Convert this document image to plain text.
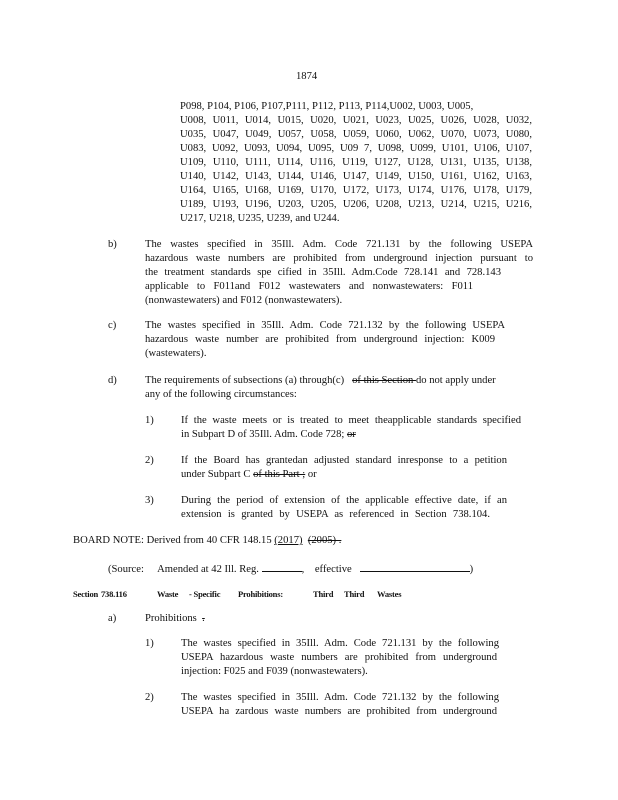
1874
P098, P104, P106, P107,P111, P112, P113, P114,U002, U003, U005,
U008, U011, U014, U015, U020, U021, U023, U025, U026, U028, U032,
U035, U047, U049, U057, U058, U059, U060, U062, U070, U073, U080,
U083, U092, U093, U094, U095, U09 7, U098, U099, U101, U106, U107,
U109, U110, U111, U114, U116, U119, U127, U128, U131, U135, U138,
U140, U142, U143, U144, U146, U147, U149, U150, U161, U162, U163,
U164, U165, U168, U169, U170, U172, U173, U174, U176, U178, U179,
U189, U193, U196, U203, U205, U206, U208, U213, U214, U215, U216,
U217, U218, U235, U239, and U244.
b)	The wastes specified in 35Ill. Adm. Code 721.131 by the following USEPA
hazardous waste numbers are prohibited from underground injection pursuant to
the treatment standards spe cified in 35Ill. Adm.Code 728.141 and 728.143
applicable to F011and F012 wastewaters and nonwastewaters: F011
(nonwastewaters) and F012 (nonwastewaters).
c)	The wastes specified in 35Ill. Adm. Code 721.132 by the following USEPA
hazardous waste number are prohibited from underground injection: K009
(wastewaters).
d)	The requirements of subsections (a) through(c) of this Section do not apply under
any of the following circumstances:
1)	If the waste meets or is treated to meet theapplicable standards specified
in Subpart D of 35Ill. Adm. Code 728; or
2)	If the Board has grantedan adjusted standard inresponse to a petition
under Subpart C of this Part ; or
3)	During the period of extension of the applicable effective date, if an
extension is granted by USEPA as referenced in Section 738.104.
BOARD NOTE: Derived from 40 CFR 148.15 (2017) (2005) .
(Source: Amended at 42 Ill. Reg.	, effective	)
Section 738.116	Waste - Specific Prohibitions:	Third Third Wastes
a)	Prohibitions .
1)	The wastes specified in 35Ill. Adm. Code 721.131 by the following
USEPA hazardous waste numbers are prohibited from underground
injection: F025 and F039 (nonwastewaters).
2)	The wastes specified in 35Ill. Adm. Code 721.132 by the following
USEPA ha zardous waste numbers are prohibited from underground
